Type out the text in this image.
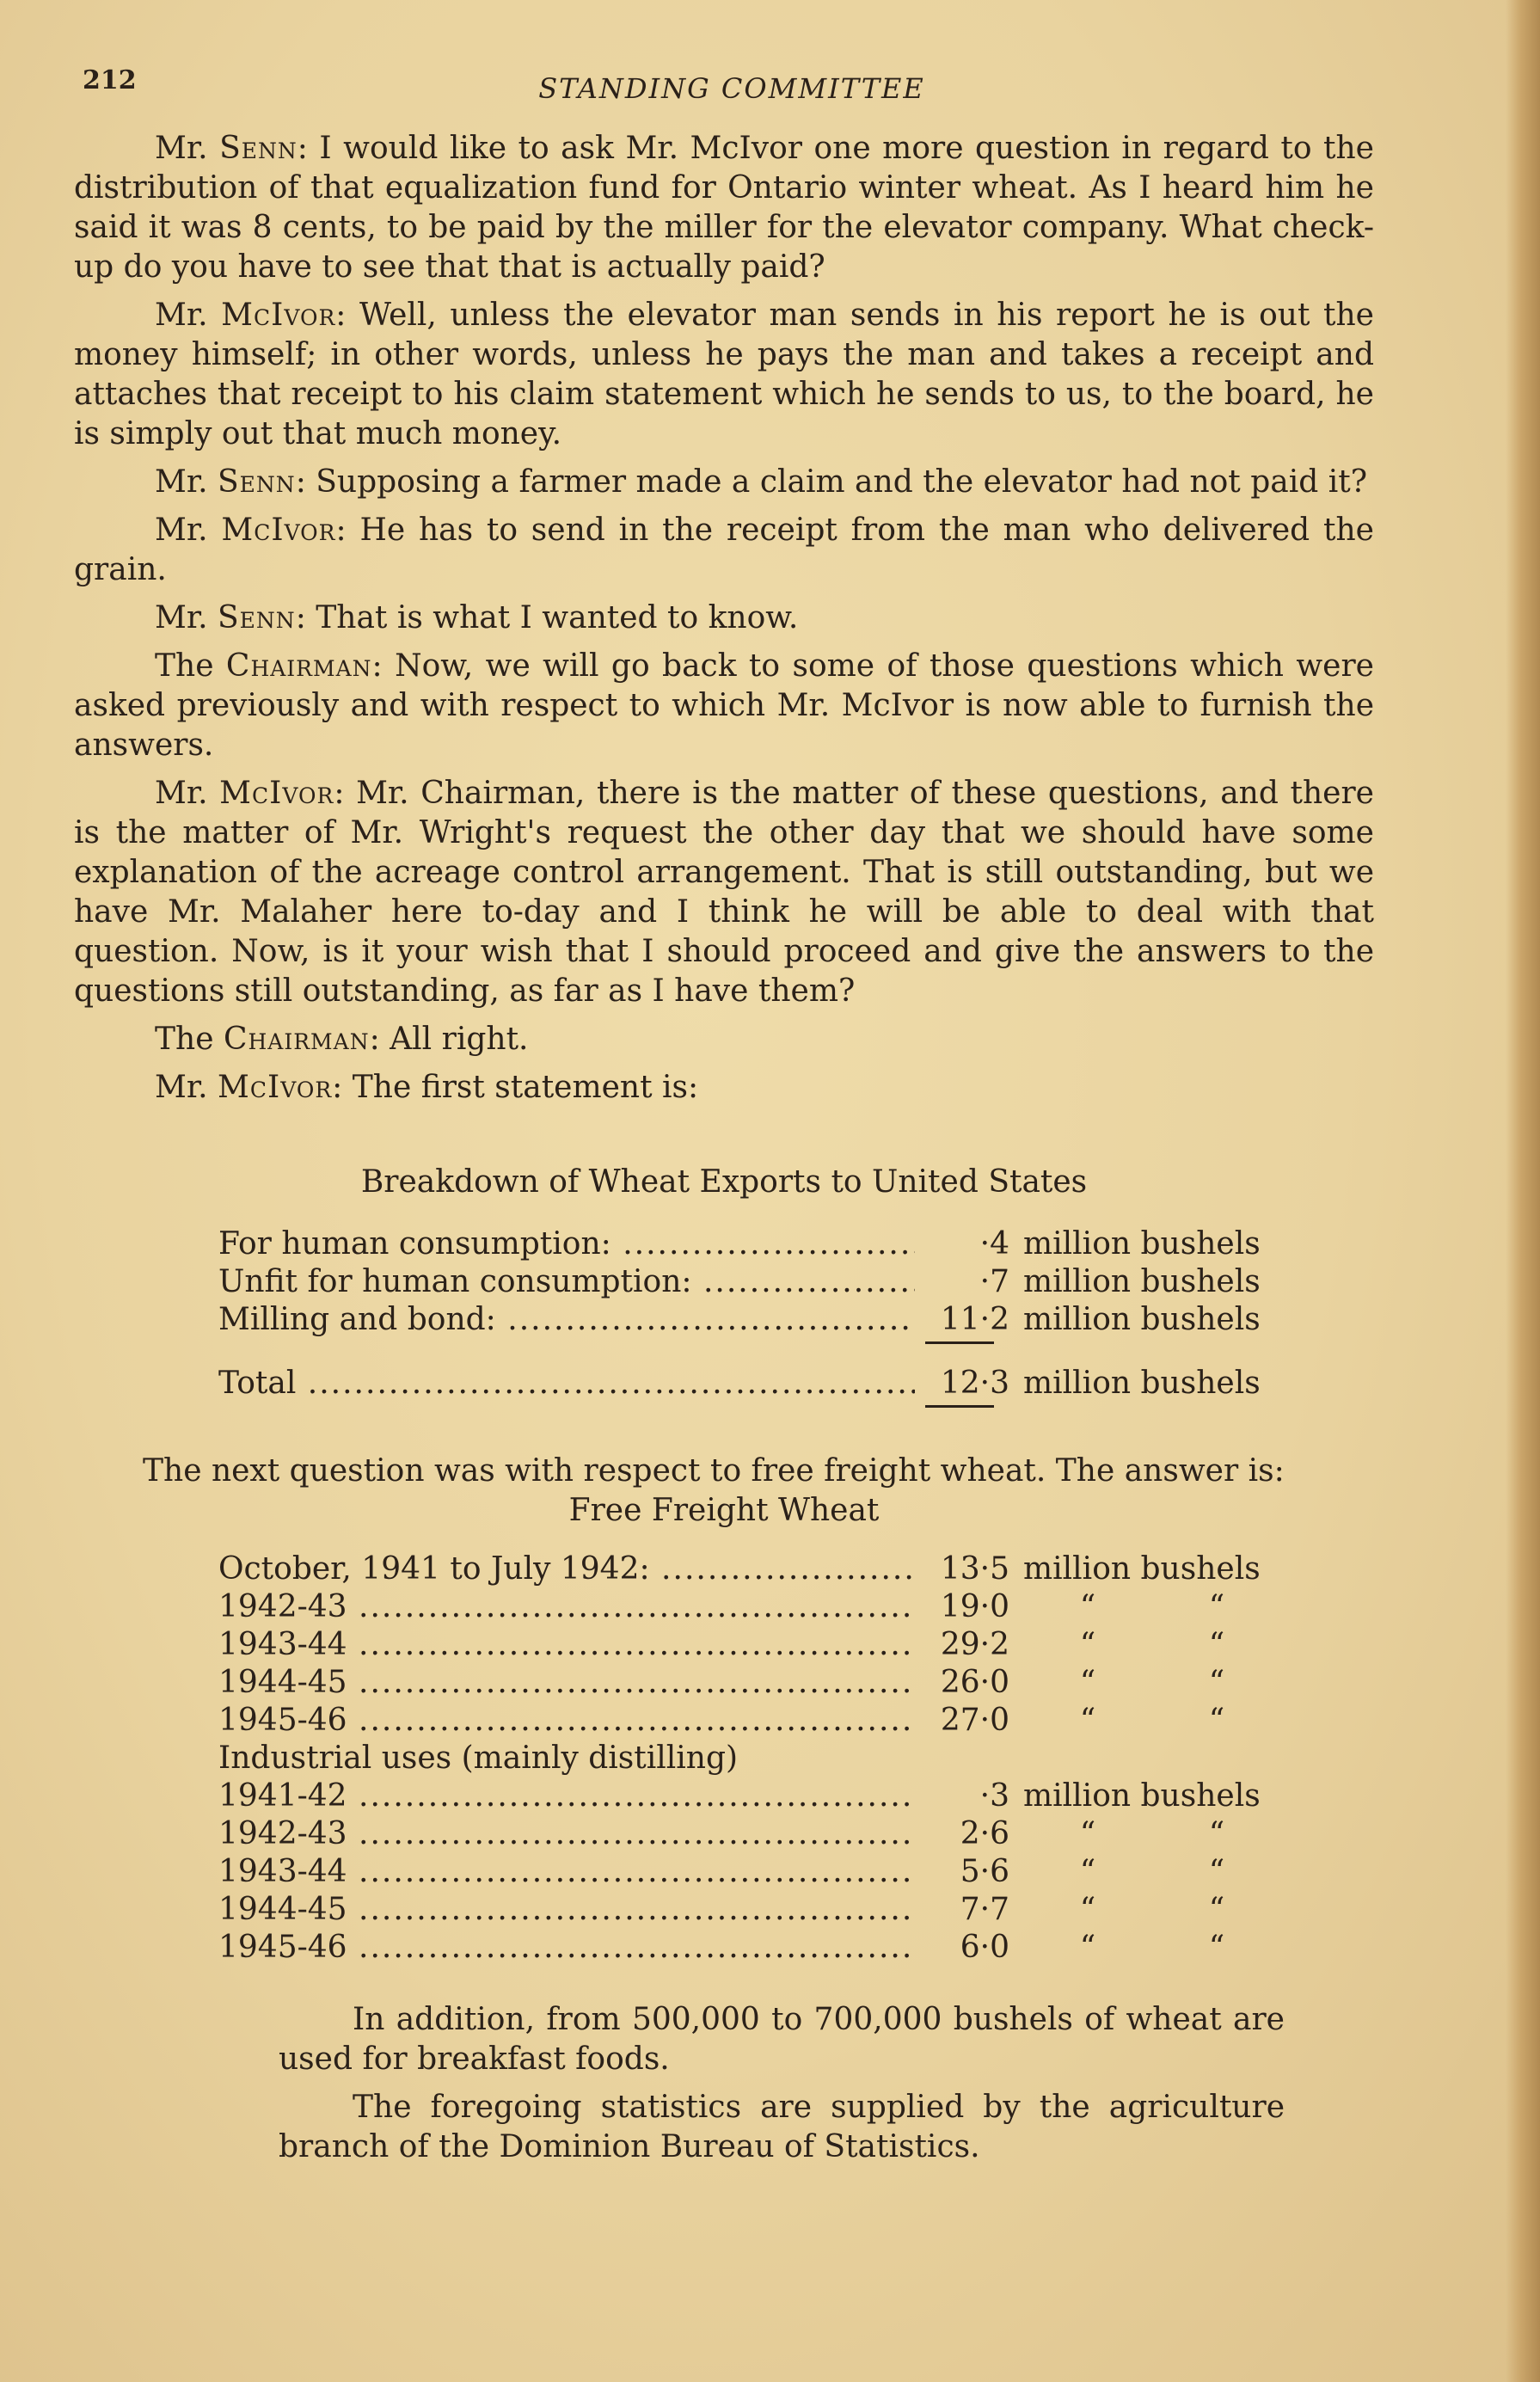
212	STANDING COMMITTEE

Mr. Senn: I would like to ask Mr. McIvor one more question in regard to the distribution of that equalization fund for Ontario winter wheat. As I heard him he said it was 8 cents, to be paid by the miller for the elevator company. What check-up do you have to see that that is actually paid?

Mr. McIvor: Well, unless the elevator man sends in his report he is out the money himself; in other words, unless he pays the man and takes a receipt and attaches that receipt to his claim statement which he sends to us, to the board, he is simply out that much money.

Mr. Senn: Supposing a farmer made a claim and the elevator had not paid it?

Mr. McIvor: He has to send in the receipt from the man who delivered the grain.

Mr. Senn: That is what I wanted to know.

The Chairman: Now, we will go back to some of those questions which were asked previously and with respect to which Mr. McIvor is now able to furnish the answers.

Mr. McIvor: Mr. Chairman, there is the matter of these questions, and there is the matter of Mr. Wright's request the other day that we should have some explanation of the acreage control arrangement. That is still outstanding, but we have Mr. Malaher here to-day and I think he will be able to deal with that question. Now, is it your wish that I should proceed and give the answers to the questions still outstanding, as far as I have them?

The Chairman: All right.

Mr. McIvor: The first statement is:

Breakdown of Wheat Exports to United States
For human consumption: .....	·4 million bushels
Unfit for human consumption: .....	·7 million bushels
Milling and bond: .....	11·2 million bushels
Total .....	12·3 million bushels

The next question was with respect to free freight wheat. The answer is:

Free Freight Wheat

October, 1941 to July 1942: .....	13·5 million bushels
1942-43 .....	19·0	“	“
1943-44 .....	29·2	“	“
1944-45 .....	26·0	“	“
1945-46 .....	27·0	“	“
Industrial uses (mainly distilling)
1941-42 .....	·3 million bushels
1942-43 .....	2·6	“	“
1943-44 .....	5·6	“	“
1944-45 .....	7·7	“	“
1945-46 .....	6·0	“	“

In addition, from 500,000 to 700,000 bushels of wheat are used for breakfast foods.

The foregoing statistics are supplied by the agriculture branch of the Dominion Bureau of Statistics.
